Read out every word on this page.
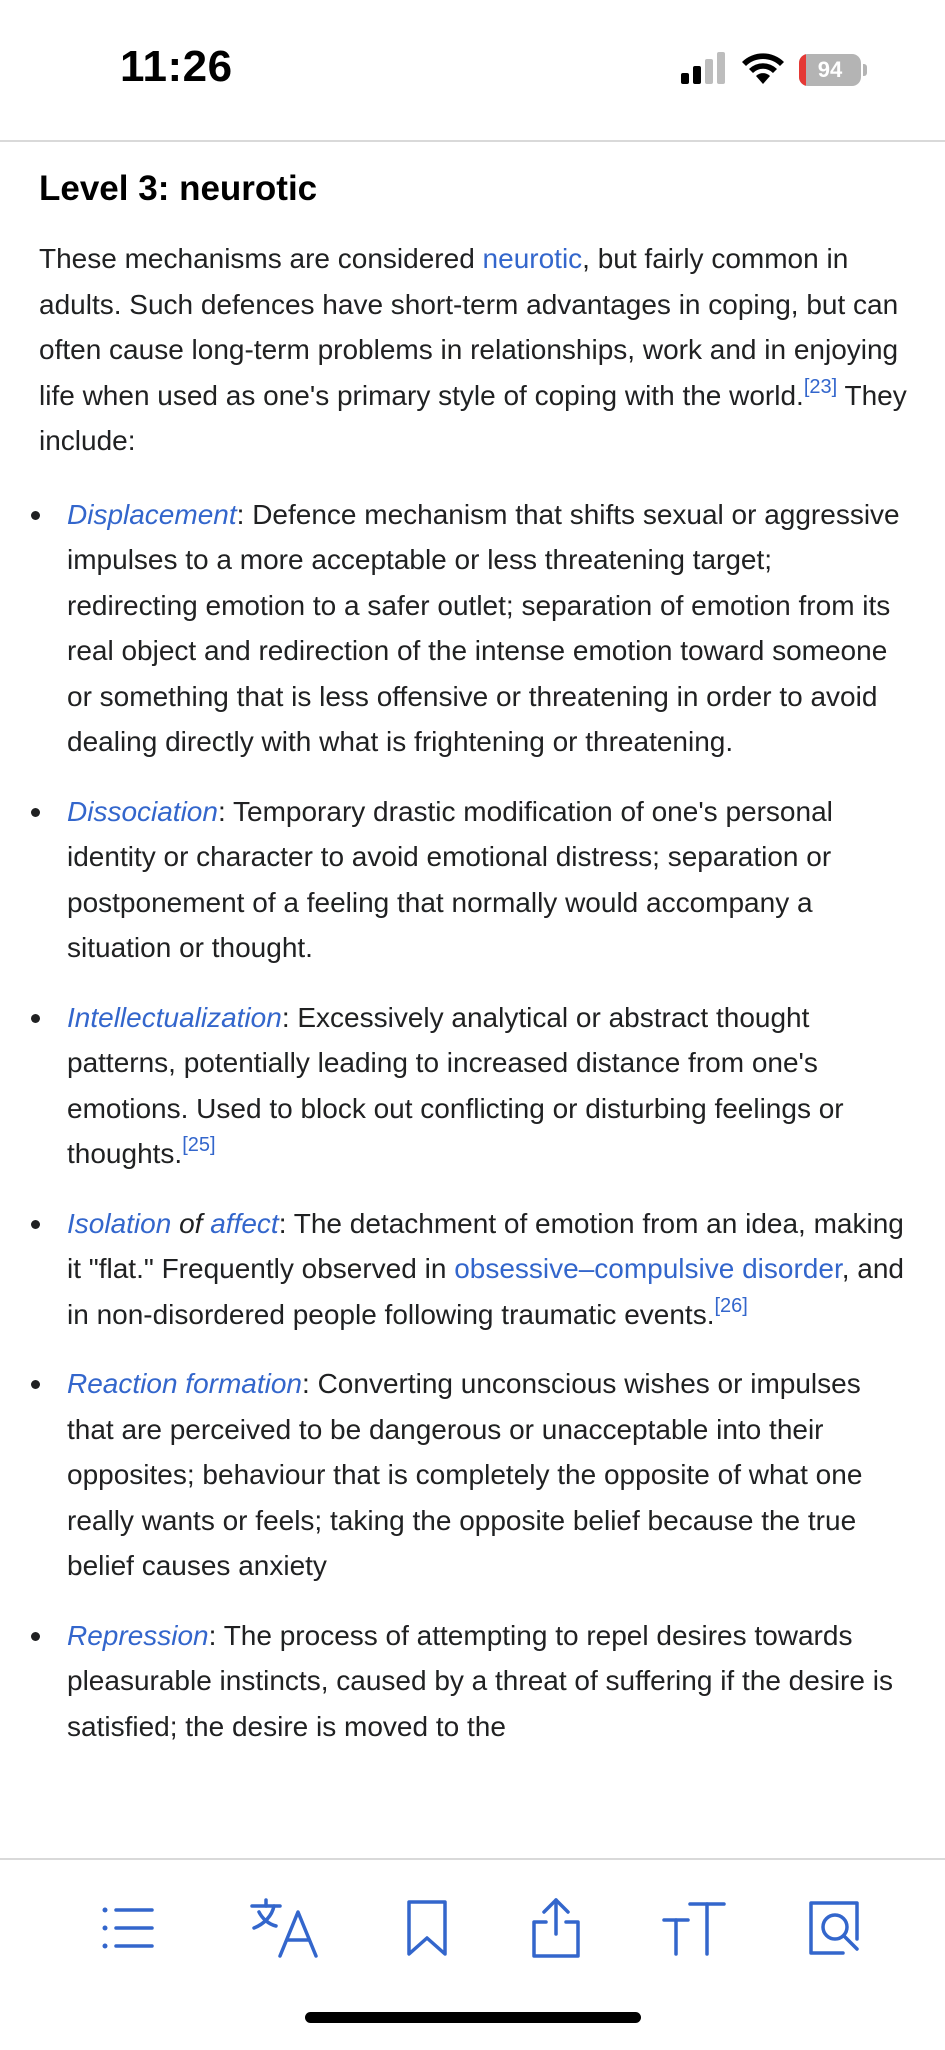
11:26	94
Level 3: neurotic

These mechanisms are considered neurotic, but fairly common in adults. Such defences have short-term advantages in coping, but can often cause long-term problems in relationships, work and in enjoying life when used as one's primary style of coping with the world.[23] They include:

Displacement: Defence mechanism that shifts sexual or aggressive impulses to a more acceptable or less threatening target; redirecting emotion to a safer outlet; separation of emotion from its real object and redirection of the intense emotion toward someone or something that is less offensive or threatening in order to avoid dealing directly with what is frightening or threatening.
Dissociation: Temporary drastic modification of one's personal identity or character to avoid emotional distress; separation or postponement of a feeling that normally would accompany a situation or thought.
Intellectualization: Excessively analytical or abstract thought patterns, potentially leading to increased distance from one's emotions. Used to block out conflicting or disturbing feelings or thoughts.[25]
Isolation of affect: The detachment of emotion from an idea, making it "flat." Frequently observed in obsessive–compulsive disorder, and in non-disordered people following traumatic events.[26]
Reaction formation: Converting unconscious wishes or impulses that are perceived to be dangerous or unacceptable into their opposites; behaviour that is completely the opposite of what one really wants or feels; taking the opposite belief because the true belief causes anxiety
Repression: The process of attempting to repel desires towards pleasurable instincts, caused by a threat of suffering if the desire is satisfied; the desire is moved to the
